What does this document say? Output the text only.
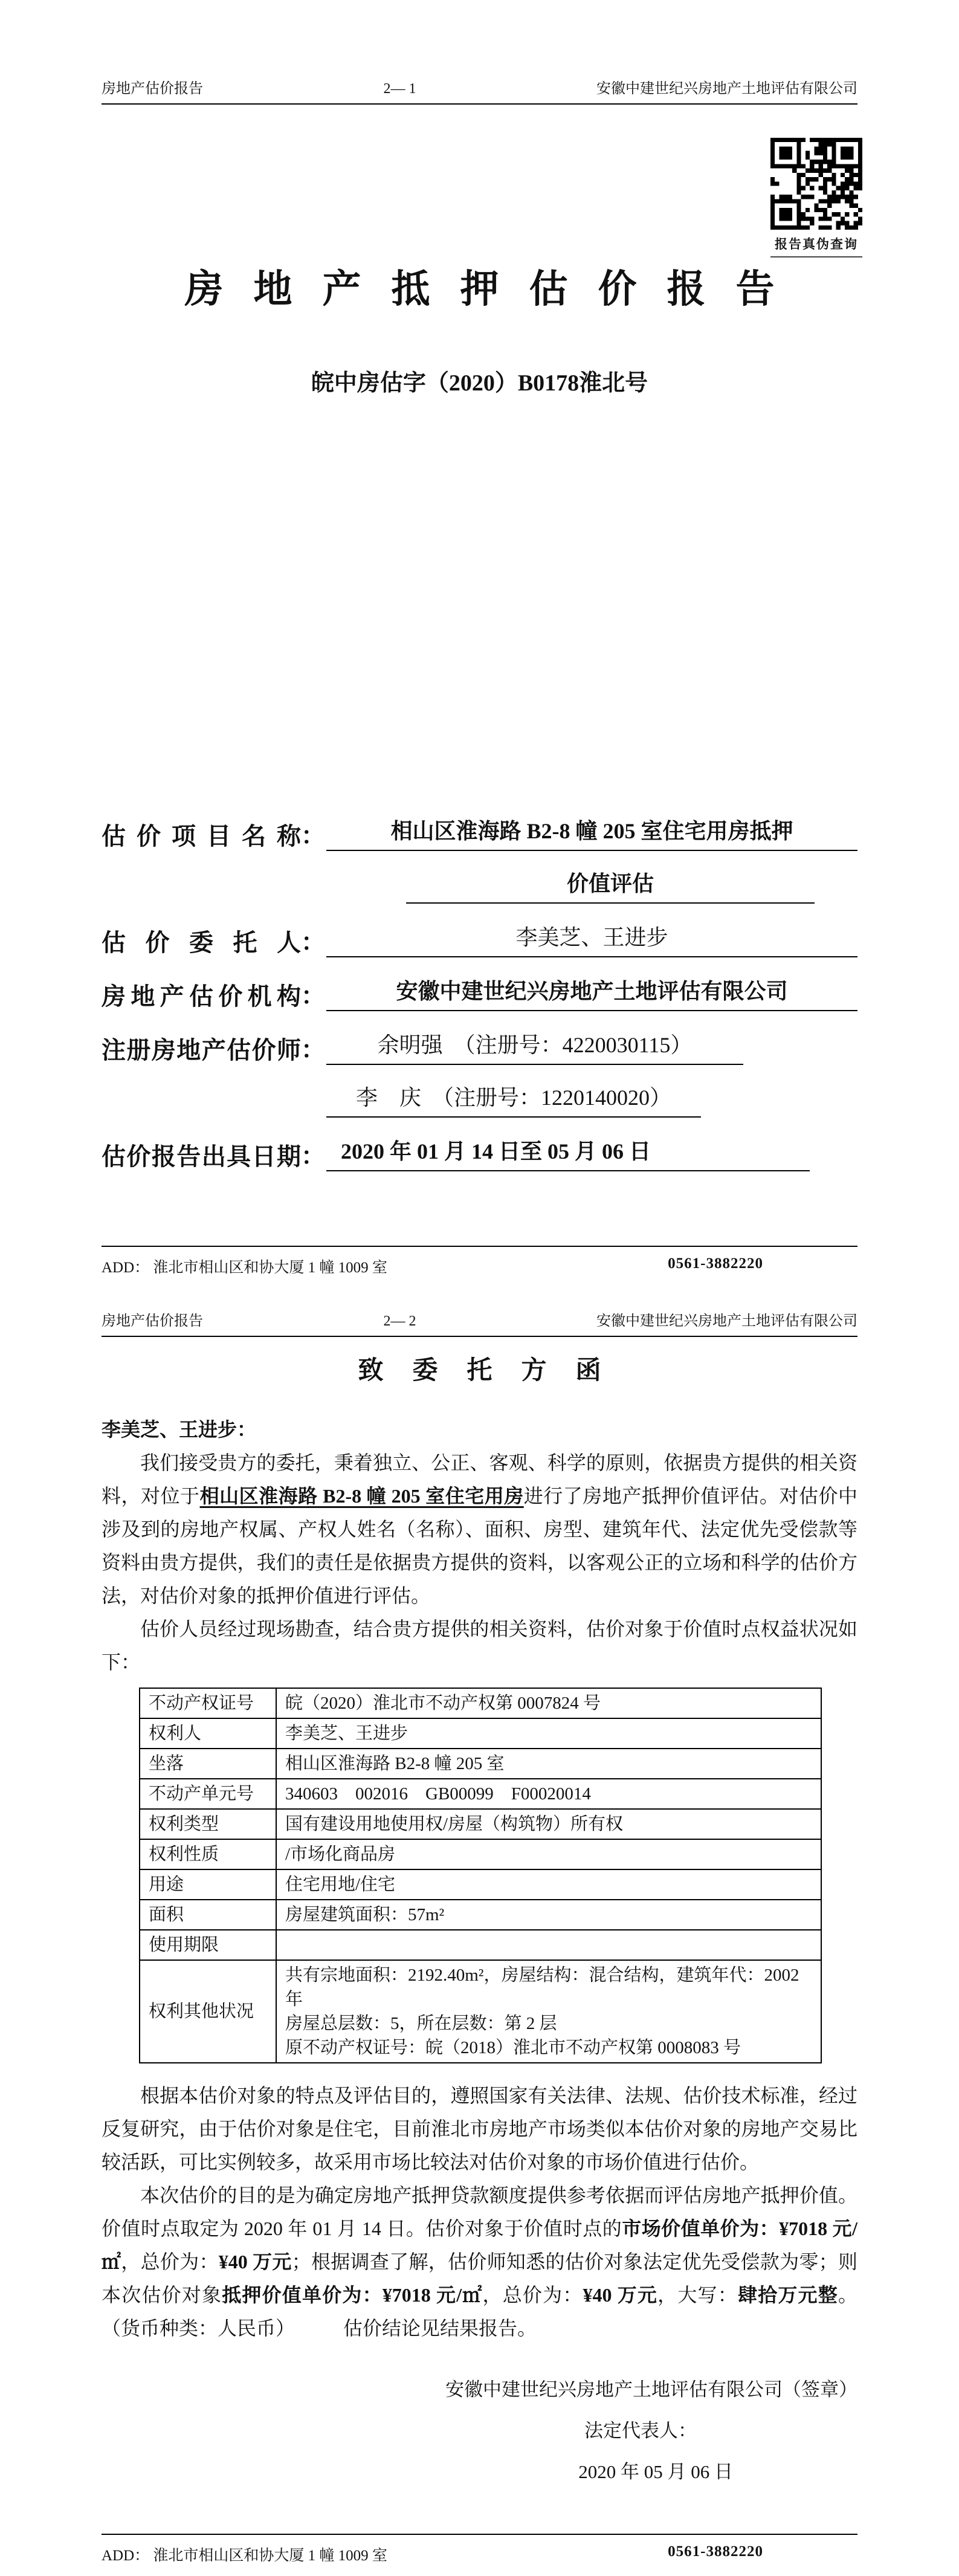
房地产估价报告	2— 1	安徽中建世纪兴房地产土地评估有限公司
报告真伪查询
房地产抵押估价报告
皖中房估字（2020）B0178淮北号
估价项目名称 ：	相山区淮海路 B2-8 幢 205 室住宅用房抵押
价值评估
估价委托人 ：	李美芝、王进步
房地产估价机构 ：	安徽中建世纪兴房地产土地评估有限公司
注册房地产估价师 ：	余明强　（注册号：4220030115）
李　庆　（注册号：1220140020）
估价报告出具日期 ： 2020 年 01 月 14 日至 05 月 06 日
ADD： 淮北市相山区和协大厦 1 幢 1009 室	0561-3882220
房地产估价报告	2— 2	安徽中建世纪兴房地产土地评估有限公司
致委托方函
李美芝、王进步：

我们接受贵方的委托，秉着独立、公正、客观、科学的原则，依据贵方提供的相关资料，对位于相山区淮海路 B2-8 幢 205 室住宅用房进行了房地产抵押价值评估。对估价中涉及到的房地产权属、产权人姓名（名称）、面积、房型、建筑年代、法定优先受偿款等资料由贵方提供，我们的责任是依据贵方提供的资料，以客观公正的立场和科学的估价方法，对估价对象的抵押价值进行评估。

估价人员经过现场勘查，结合贵方提供的相关资料，估价对象于价值时点权益状况如下：

不动产权证号	皖（2020）淮北市不动产权第 0007824 号
权利人	李美芝、王进步
坐落	相山区淮海路 B2-8 幢 205 室
不动产单元号	340603　002016　GB00099　F00020014
权利类型	国有建设用地使用权/房屋（构筑物）所有权
权利性质	/市场化商品房
用途	住宅用地/住宅
面积	房屋建筑面积：57m²
使用期限	
权利其他状况	共有宗地面积：2192.40m²，房屋结构：混合结构，建筑年代：2002 年
房屋总层数：5，所在层数：第 2 层
原不动产权证号：皖（2018）淮北市不动产权第 0008083 号

根据本估价对象的特点及评估目的，遵照国家有关法律、法规、估价技术标准，经过反复研究，由于估价对象是住宅，目前淮北市房地产市场类似本估价对象的房地产交易比较活跃，可比实例较多，故采用市场比较法对估价对象的市场价值进行估价。

本次估价的目的是为确定房地产抵押贷款额度提供参考依据而评估房地产抵押价值。价值时点取定为 2020 年 01 月 14 日。估价对象于价值时点的市场价值单价为：¥7018 元/㎡，总价为：¥40 万元；根据调查了解，估价师知悉的估价对象法定优先受偿款为零；则本次估价对象抵押价值单价为：¥7018 元/㎡，总价为：¥40 万元，大写：肆拾万元整。（货币种类：人民币）　　　估价结论见结果报告。

安徽中建世纪兴房地产土地评估有限公司（签章）
法定代表人：
2020 年 05 月 06 日
ADD： 淮北市相山区和协大厦 1 幢 1009 室	0561-3882220
